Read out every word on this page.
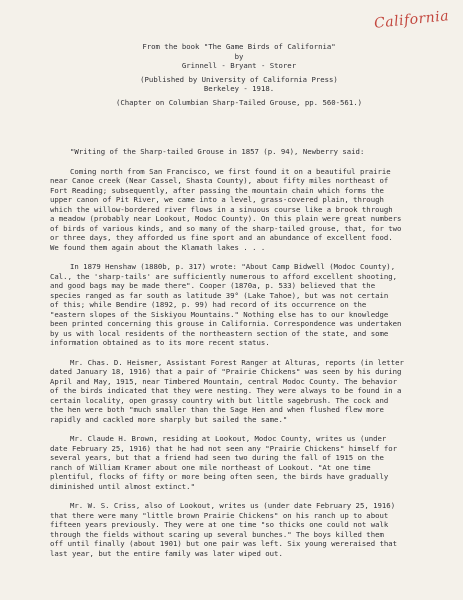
California
From the book "The Game Birds of California"
by
Grinnell - Bryant - Storer
(Published by University of California Press)
Berkeley - 1918.
(Chapter on Columbian Sharp-Tailed Grouse, pp. 560-561.)
"Writing of the Sharp-tailed Grouse in 1857 (p. 94), Newberry said:
Coming north from San Francisco, we first found it on a beautiful prairie
near Canoe creek (Near Cassel, Shasta County), about fifty miles northeast of
Fort Reading; subsequently, after passing the mountain chain which forms the
upper canon of Pit River, we came into a level, grass-covered plain, through
which the willow-bordered river flows in a sinuous course like a brook through
a meadow (probably near Lookout, Modoc County). On this plain were great numbers
of birds of various kinds, and so many of the sharp-tailed grouse, that, for two
or three days, they afforded us fine sport and an abundance of excellent food.
We found them again about the Klamath lakes . . .
In 1879 Henshaw (1880b, p. 317) wrote: "About Camp Bidwell (Modoc County),
Cal., the 'sharp-tails' are sufficiently numerous to afford excellent shooting,
and good bags may be made there". Cooper (1870a, p. 533) believed that the
species ranged as far south as latitude 39° (Lake Tahoe), but was not certain
of this; while Bendire (1892, p. 99) had record of its occurrence on the
"eastern slopes of the Siskiyou Mountains." Nothing else has to our knowledge
been printed concerning this grouse in California. Correspondence was undertaken
by us with local residents of the northeastern section of the state, and some
information obtained as to its more recent status.
Mr. Chas. D. Heismer, Assistant Forest Ranger at Alturas, reports (in letter
dated January 18, 1916) that a pair of "Prairie Chickens" was seen by his during
April and May, 1915, near Timbered Mountain, central Modoc County. The behavior
of the birds indicated that they were nesting. They were always to be found in a
certain locality, open grassy country with but little sagebrush. The cock and
the hen were both "much smaller than the Sage Hen and when flushed flew more
rapidly and cackled more sharply but sailed the same."
Mr. Claude H. Brown, residing at Lookout, Modoc County, writes us (under
date February 25, 1916) that he had not seen any "Prairie Chickens" himself for
several years, but that a friend had seen two during the fall of 1915 on the
ranch of William Kramer about one mile northeast of Lookout. "At one time
plentiful, flocks of fifty or more being often seen, the birds have gradually
diminished until almost extinct."
Mr. W. S. Criss, also of Lookout, writes us (under date February 25, 1916)
that there were many "little brown Prairie Chickens" on his ranch up to about
fifteen years previously. They were at one time "so thicks one could not walk
through the fields without scaring up several bunches." The boys killed them
off until finally (about 1901) but one pair was left. Six young wereraised that
last year, but the entire family was later wiped out.
